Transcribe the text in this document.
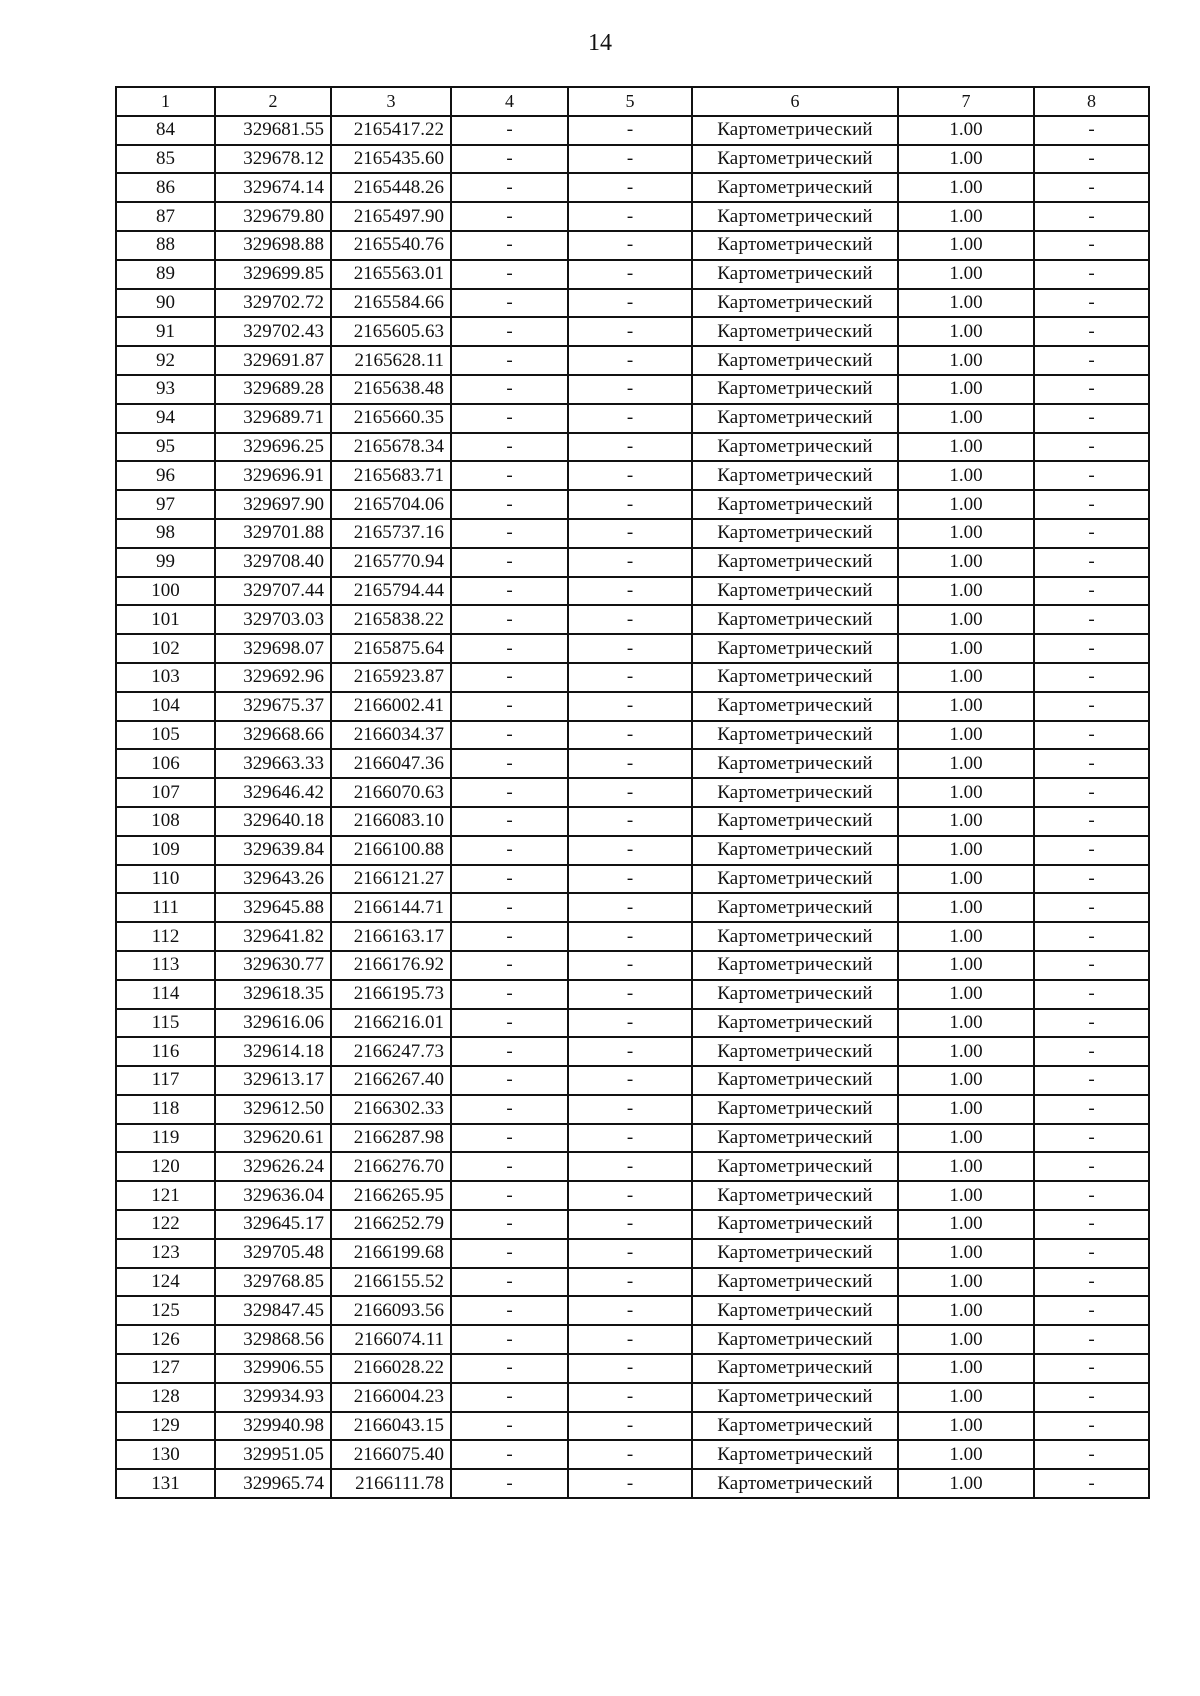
14
1	2	3	4	5	6	7	8
84	329681.55	2165417.22	-	-	Картометрический	1.00	-
85	329678.12	2165435.60	-	-	Картометрический	1.00	-
86	329674.14	2165448.26	-	-	Картометрический	1.00	-
87	329679.80	2165497.90	-	-	Картометрический	1.00	-
88	329698.88	2165540.76	-	-	Картометрический	1.00	-
89	329699.85	2165563.01	-	-	Картометрический	1.00	-
90	329702.72	2165584.66	-	-	Картометрический	1.00	-
91	329702.43	2165605.63	-	-	Картометрический	1.00	-
92	329691.87	2165628.11	-	-	Картометрический	1.00	-
93	329689.28	2165638.48	-	-	Картометрический	1.00	-
94	329689.71	2165660.35	-	-	Картометрический	1.00	-
95	329696.25	2165678.34	-	-	Картометрический	1.00	-
96	329696.91	2165683.71	-	-	Картометрический	1.00	-
97	329697.90	2165704.06	-	-	Картометрический	1.00	-
98	329701.88	2165737.16	-	-	Картометрический	1.00	-
99	329708.40	2165770.94	-	-	Картометрический	1.00	-
100	329707.44	2165794.44	-	-	Картометрический	1.00	-
101	329703.03	2165838.22	-	-	Картометрический	1.00	-
102	329698.07	2165875.64	-	-	Картометрический	1.00	-
103	329692.96	2165923.87	-	-	Картометрический	1.00	-
104	329675.37	2166002.41	-	-	Картометрический	1.00	-
105	329668.66	2166034.37	-	-	Картометрический	1.00	-
106	329663.33	2166047.36	-	-	Картометрический	1.00	-
107	329646.42	2166070.63	-	-	Картометрический	1.00	-
108	329640.18	2166083.10	-	-	Картометрический	1.00	-
109	329639.84	2166100.88	-	-	Картометрический	1.00	-
110	329643.26	2166121.27	-	-	Картометрический	1.00	-
111	329645.88	2166144.71	-	-	Картометрический	1.00	-
112	329641.82	2166163.17	-	-	Картометрический	1.00	-
113	329630.77	2166176.92	-	-	Картометрический	1.00	-
114	329618.35	2166195.73	-	-	Картометрический	1.00	-
115	329616.06	2166216.01	-	-	Картометрический	1.00	-
116	329614.18	2166247.73	-	-	Картометрический	1.00	-
117	329613.17	2166267.40	-	-	Картометрический	1.00	-
118	329612.50	2166302.33	-	-	Картометрический	1.00	-
119	329620.61	2166287.98	-	-	Картометрический	1.00	-
120	329626.24	2166276.70	-	-	Картометрический	1.00	-
121	329636.04	2166265.95	-	-	Картометрический	1.00	-
122	329645.17	2166252.79	-	-	Картометрический	1.00	-
123	329705.48	2166199.68	-	-	Картометрический	1.00	-
124	329768.85	2166155.52	-	-	Картометрический	1.00	-
125	329847.45	2166093.56	-	-	Картометрический	1.00	-
126	329868.56	2166074.11	-	-	Картометрический	1.00	-
127	329906.55	2166028.22	-	-	Картометрический	1.00	-
128	329934.93	2166004.23	-	-	Картометрический	1.00	-
129	329940.98	2166043.15	-	-	Картометрический	1.00	-
130	329951.05	2166075.40	-	-	Картометрический	1.00	-
131	329965.74	2166111.78	-	-	Картометрический	1.00	-
